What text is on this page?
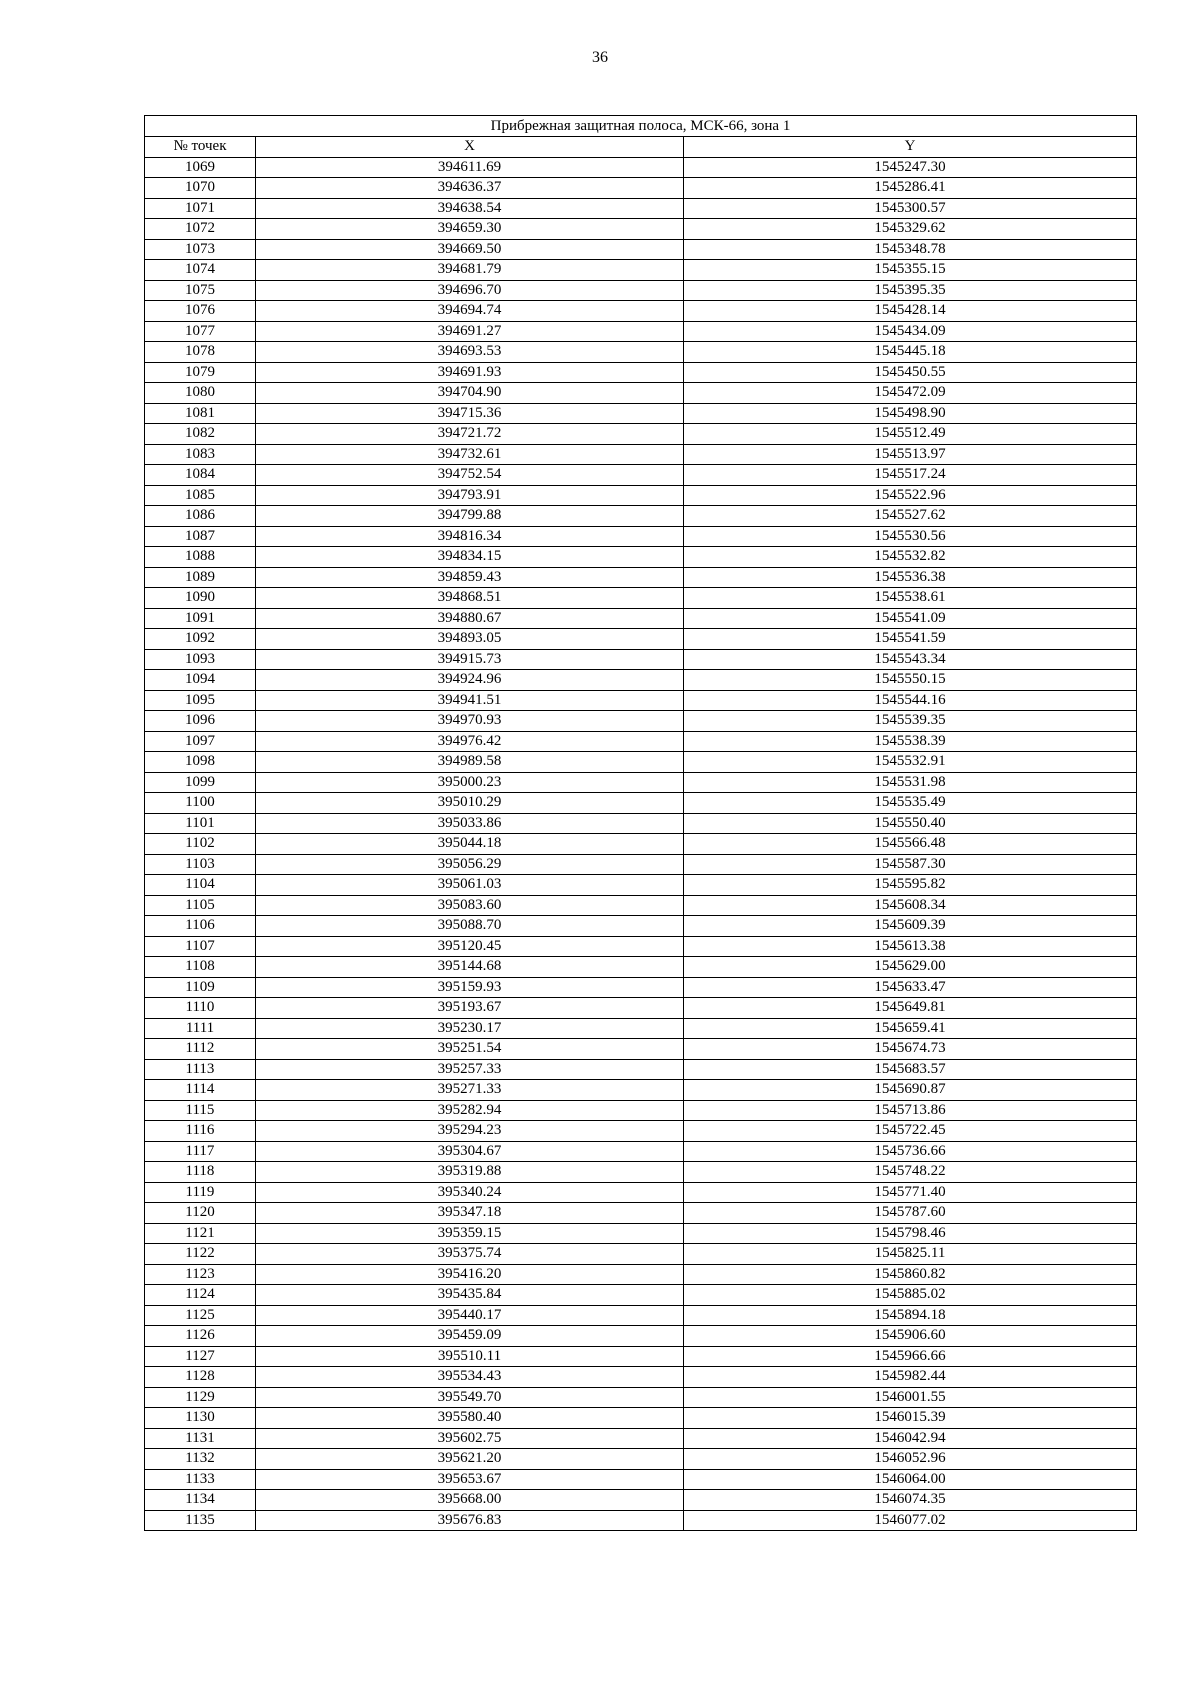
36
Прибрежная защитная полоса, МСК-66, зона 1		
№ точек	X	Y
1069	394611.69	1545247.30
1070	394636.37	1545286.41
1071	394638.54	1545300.57
1072	394659.30	1545329.62
1073	394669.50	1545348.78
1074	394681.79	1545355.15
1075	394696.70	1545395.35
1076	394694.74	1545428.14
1077	394691.27	1545434.09
1078	394693.53	1545445.18
1079	394691.93	1545450.55
1080	394704.90	1545472.09
1081	394715.36	1545498.90
1082	394721.72	1545512.49
1083	394732.61	1545513.97
1084	394752.54	1545517.24
1085	394793.91	1545522.96
1086	394799.88	1545527.62
1087	394816.34	1545530.56
1088	394834.15	1545532.82
1089	394859.43	1545536.38
1090	394868.51	1545538.61
1091	394880.67	1545541.09
1092	394893.05	1545541.59
1093	394915.73	1545543.34
1094	394924.96	1545550.15
1095	394941.51	1545544.16
1096	394970.93	1545539.35
1097	394976.42	1545538.39
1098	394989.58	1545532.91
1099	395000.23	1545531.98
1100	395010.29	1545535.49
1101	395033.86	1545550.40
1102	395044.18	1545566.48
1103	395056.29	1545587.30
1104	395061.03	1545595.82
1105	395083.60	1545608.34
1106	395088.70	1545609.39
1107	395120.45	1545613.38
1108	395144.68	1545629.00
1109	395159.93	1545633.47
1110	395193.67	1545649.81
1111	395230.17	1545659.41
1112	395251.54	1545674.73
1113	395257.33	1545683.57
1114	395271.33	1545690.87
1115	395282.94	1545713.86
1116	395294.23	1545722.45
1117	395304.67	1545736.66
1118	395319.88	1545748.22
1119	395340.24	1545771.40
1120	395347.18	1545787.60
1121	395359.15	1545798.46
1122	395375.74	1545825.11
1123	395416.20	1545860.82
1124	395435.84	1545885.02
1125	395440.17	1545894.18
1126	395459.09	1545906.60
1127	395510.11	1545966.66
1128	395534.43	1545982.44
1129	395549.70	1546001.55
1130	395580.40	1546015.39
1131	395602.75	1546042.94
1132	395621.20	1546052.96
1133	395653.67	1546064.00
1134	395668.00	1546074.35
1135	395676.83	1546077.02
